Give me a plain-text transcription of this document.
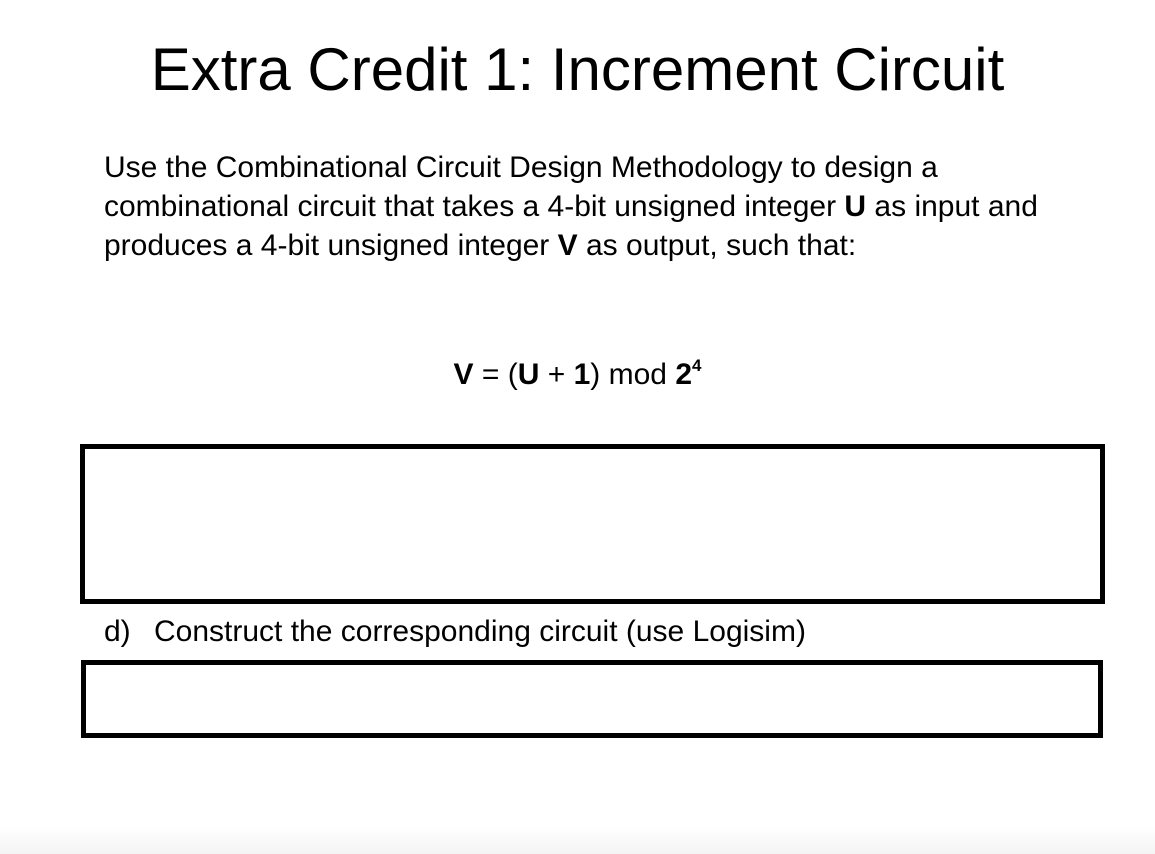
Extra Credit 1: Increment Circuit

Use the Combinational Circuit Design Methodology to design a combinational circuit that takes a 4-bit unsigned integer U as input and produces a 4-bit unsigned integer V as output, such that:

V = (U + 1) mod $2^4$
d) Construct the corresponding circuit (use Logisim)
